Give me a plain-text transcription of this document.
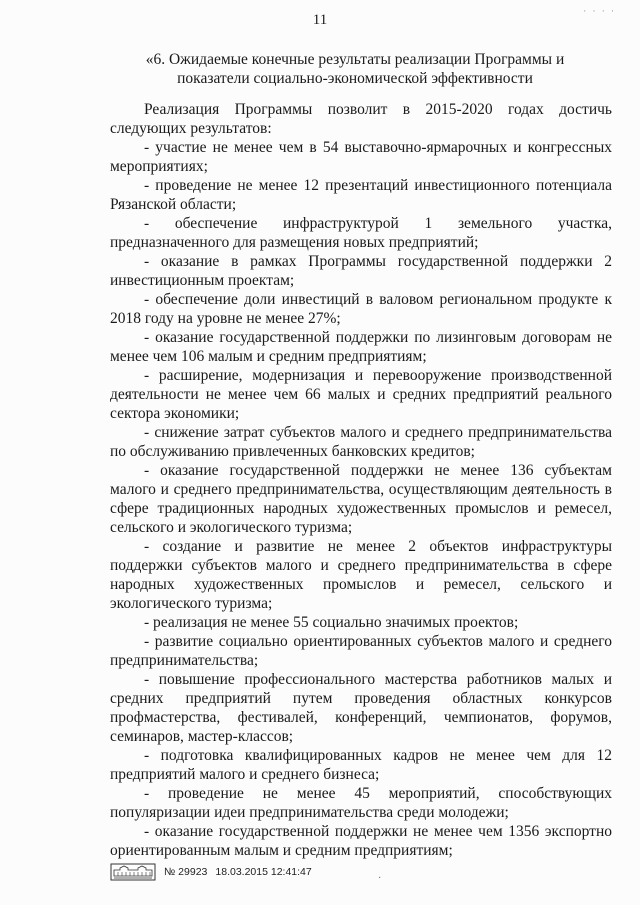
11
· · · ·
«6. Ожидаемые конечные результаты реализации Программы и
показатели социально-экономической эффективности

Реализация Программы позволит в 2015-2020 годах достичь следующих результатов:

- участие не менее чем в 54 выставочно-ярмарочных и конгрессных мероприятиях;

- проведение не менее 12 презентаций инвестиционного потенциала Рязанской области;

- обеспечение инфраструктурой 1 земельного участка, предназначенного для размещения новых предприятий;

- оказание в рамках Программы государственной поддержки 2 инвестиционным проектам;

- обеспечение доли инвестиций в валовом региональном продукте к 2018 году на уровне не менее 27%;

- оказание государственной поддержки по лизинговым договорам не менее чем 106 малым и средним предприятиям;

- расширение, модернизация и перевооружение производственной деятельности не менее чем 66 малых и средних предприятий реального сектора экономики;

- снижение затрат субъектов малого и среднего предпринимательства по обслуживанию привлеченных банковских кредитов;

- оказание государственной поддержки не менее 136 субъектам малого и среднего предпринимательства, осуществляющим деятельность в сфере традиционных народных художественных промыслов и ремесел, сельского и экологического туризма;

- создание и развитие не менее 2 объектов инфраструктуры поддержки субъектов малого и среднего предпринимательства в сфере народных художественных промыслов и ремесел, сельского и экологического туризма;

- реализация не менее 55 социально значимых проектов;

- развитие социально ориентированных субъектов малого и среднего предпринимательства;

- повышение профессионального мастерства работников малых и средних предприятий путем проведения областных конкурсов профмастерства, фестивалей, конференций, чемпионатов, форумов, семинаров, мастер-классов;

- подготовка квалифицированных кадров не менее чем для 12 предприятий малого и среднего бизнеса;

- проведение не менее 45 мероприятий, способствующих популяризации идеи предпринимательства среди молодежи;

- оказание государственной поддержки не менее чем 1356 экспортно ориентированным малым и средним предприятиям;

№ 29923 18.03.2015 12:41:47
·
